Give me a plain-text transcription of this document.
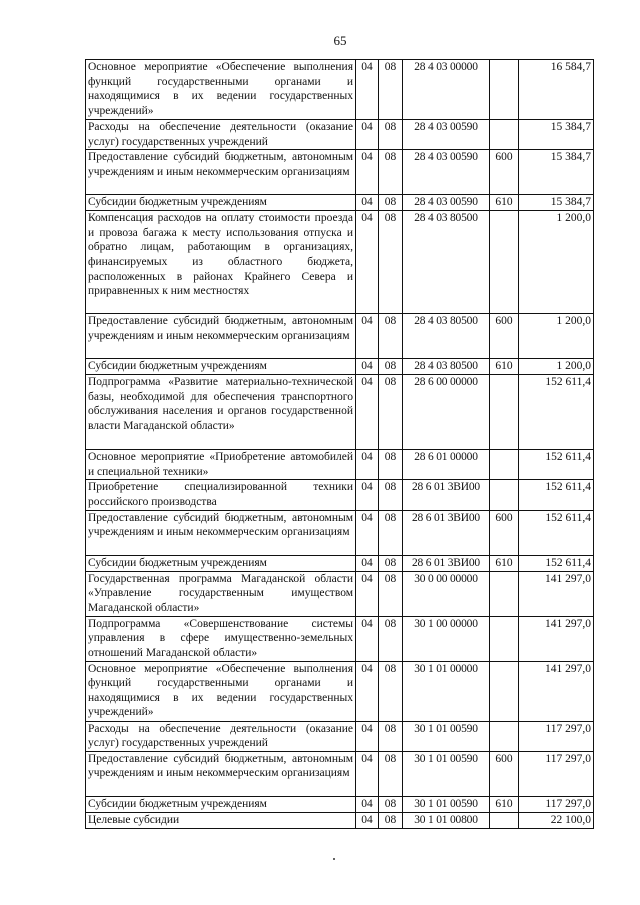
65
Основное мероприятие «Обеспечение выполнения функций государственными органами и находящимися в их ведении государственных учреждений»	04	08	28 4 03 00000		16 584,7
Расходы на обеспечение деятельности (оказание услуг) государственных учреждений	04	08	28 4 03 00590		15 384,7
Предоставление субсидий бюджетным, автономным учреждениям и иным некоммерческим организациям	04	08	28 4 03 00590	600	15 384,7
Субсидии бюджетным учреждениям	04	08	28 4 03 00590	610	15 384,7
Компенсация расходов на оплату стоимости проезда и провоза багажа к месту использования отпуска и обратно лицам, работающим в организациях, финансируемых из областного бюджета, расположенных в районах Крайнего Севера и приравненных к ним местностях	04	08	28 4 03 80500		1 200,0
Предоставление субсидий бюджетным, автономным учреждениям и иным некоммерческим организациям	04	08	28 4 03 80500	600	1 200,0
Субсидии бюджетным учреждениям	04	08	28 4 03 80500	610	1 200,0
Подпрограмма «Развитие материально-технической базы, необходимой для обеспечения транспортного обслуживания населения и органов государственной власти Магаданской области»	04	08	28 6 00 00000		152 611,4
Основное мероприятие «Приобретение автомобилей и специальной техники»	04	08	28 6 01 00000		152 611,4
Приобретение специализированной техники российского производства	04	08	28 6 01 3ВИ00		152 611,4
Предоставление субсидий бюджетным, автономным учреждениям и иным некоммерческим организациям	04	08	28 6 01 3ВИ00	600	152 611,4
Субсидии бюджетным учреждениям	04	08	28 6 01 3ВИ00	610	152 611,4
Государственная программа Магаданской области «Управление государственным имуществом Магаданской области»	04	08	30 0 00 00000		141 297,0
Подпрограмма «Совершенствование системы управления в сфере имущественно-земельных отношений Магаданской области»	04	08	30 1 00 00000		141 297,0
Основное мероприятие «Обеспечение выполнения функций государственными органами и находящимися в их ведении государственных учреждений»	04	08	30 1 01 00000		141 297,0
Расходы на обеспечение деятельности (оказание услуг) государственных учреждений	04	08	30 1 01 00590		117 297,0
Предоставление субсидий бюджетным, автономным учреждениям и иным некоммерческим организациям	04	08	30 1 01 00590	600	117 297,0
Субсидии бюджетным учреждениям	04	08	30 1 01 00590	610	117 297,0
Целевые субсидии	04	08	30 1 01 00800		22 100,0
